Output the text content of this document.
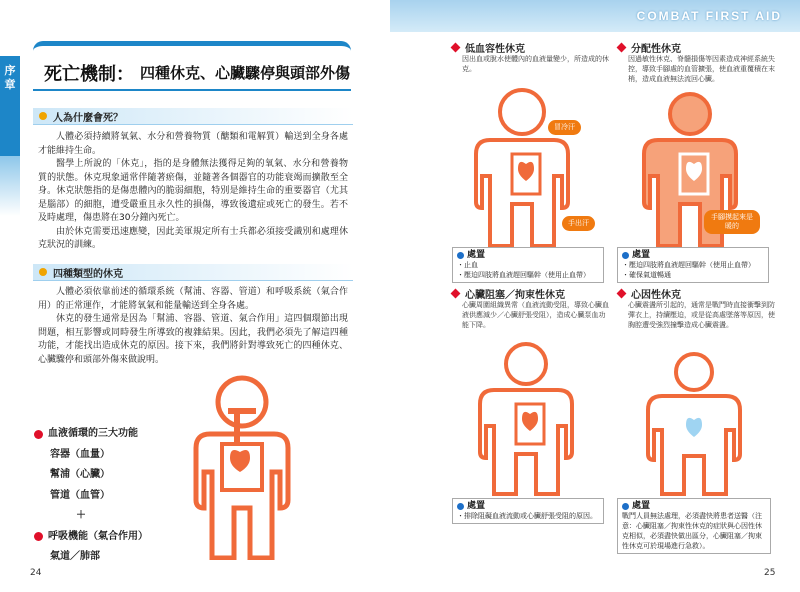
COMBAT FIRST AID
序章 死亡機制： 四種休克、心臟驟停與頭部外傷
人為什麼會死？

人體必須持續將氧氣、水分和營養物質（醣類和電解質）輸送到全身各處才能維持生命。

醫學上所說的「休克」，指的是身體無法獲得足夠的氧氣、水分和營養物質的狀態。休克現象通常伴隨著瘀傷，並隨著各個器官的功能衰竭而擴散至全身。休克狀態指的是傷患體內的脆弱細胞，特別是維持生命的重要器官（尤其是腦部）的細胞，遭受嚴重且永久性的損傷，導致後遺症或死亡的發生。若不及時處理，傷患將在30分鐘內死亡。

由於休克需要迅速應變，因此美軍規定所有士兵都必須接受識別和處理休克狀況的訓練。

四種類型的休克

人體必須依靠前述的循環系統（幫浦、容器、管道）和呼吸系統（氣合作用）的正常運作，才能將氧氣和能量輸送到全身各處。

休克的發生通常是因為「幫浦、容器、管道、氣合作用」這四個環節出現問題，相互影響或同時發生所導致的複雜結果。因此，我們必須先了解這四種功能，才能找出造成休克的原因。接下來，我們將針對導致死亡的四種休克、心臟驟停和頭部外傷來做說明。

血液循環的三大功能
容器（血量）
幫浦（心臟）
管道（血管）
＋
呼吸機能（氣合作用）
氣道／肺部
24	25
低血容性休克
因出血或脫水使體內的血液量變少，所造成的休克。
冒冷汗
手出汗
處置
・止血
・壓迫四肢將血液趕回驅幹（使用止血帶）
分配性休克
因過敏性休克、脊髓損傷等因素造成神經系統失控，導致手腳處的血管擴張，使血液重覆積在末梢，造成血液無法流回心臟。
手腳摸起來是暖的
處置
・壓迫四肢將血液趕回驅幹（使用止血帶）
・確保氣道暢通
心臟阻塞／拘束性休克
心臟周圍組織異常（血液流動受阻，導致心臟血液供應減少／心臟舒張受阻），造成心臟泵血功能下降。
處置
・排除阻礙血液流動或心臟舒張受阻的原因。
心因性休克
心臟震盪所引起的，通常是戰鬥時直接衝擊到防彈衣上，持續壓迫，或是從高處墜落等原因，使胸腔遭受強烈撞擊造成心臟震盪。
處置
戰鬥人員無法處理，必須盡快將患者送醫（注意：心臟阻塞／拘束性休克的症狀與心因性休克相似，必須盡快做出區分，心臟阻塞／拘束性休克可於現場進行急救）。
